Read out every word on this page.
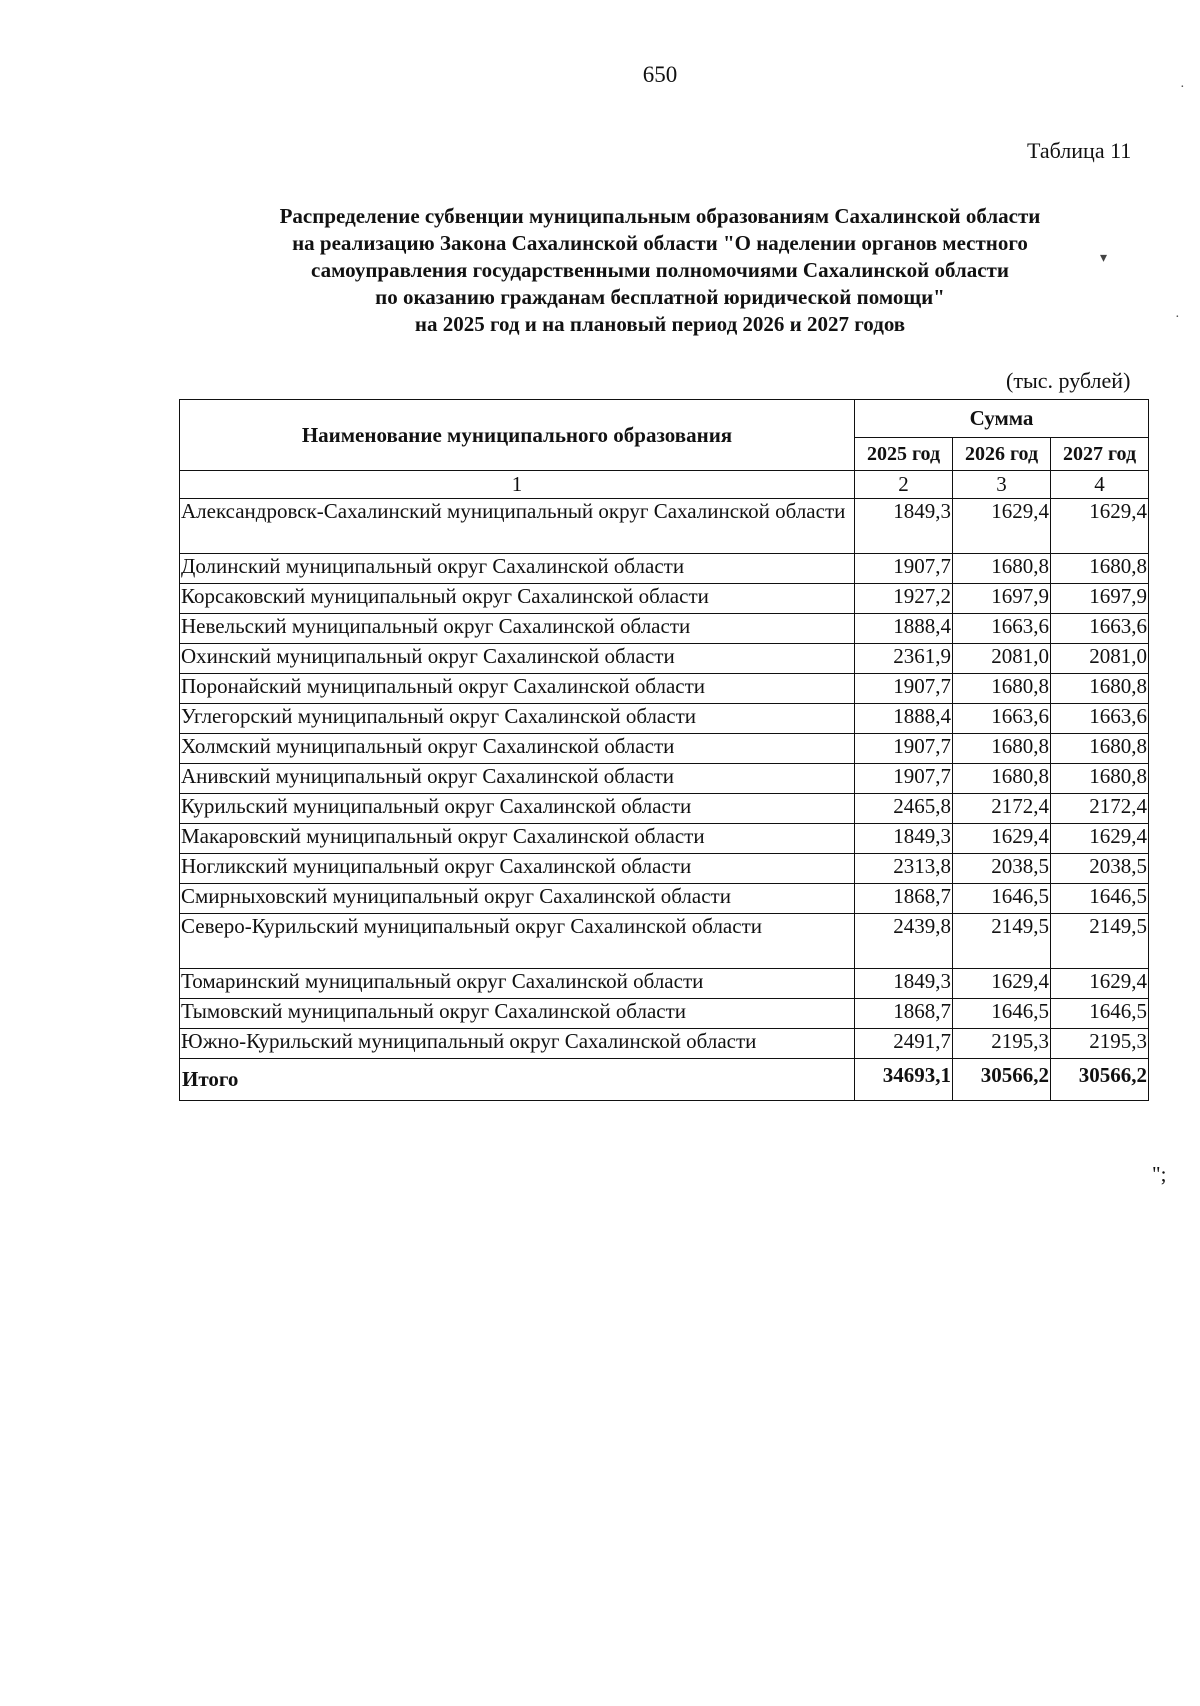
650
Таблица 11
Распределение субвенции муниципальным образованиям Сахалинской области
на реализацию Закона Сахалинской области "О наделении органов местного
самоуправления государственными полномочиями Сахалинской области
по оказанию гражданам бесплатной юридической помощи"
на 2025 год и на плановый период 2026 и 2027 годов
(тыс. рублей)
Наименование муниципального образования	Сумма		
	2025 год	2026 год	2027 год
1	2	3	4
Александровск-Сахалинский муниципальный округ Сахалинской области	1849,3	1629,4	1629,4
Долинский муниципальный округ Сахалинской области	1907,7	1680,8	1680,8
Корсаковский муниципальный округ Сахалинской области	1927,2	1697,9	1697,9
Невельский муниципальный округ Сахалинской области	1888,4	1663,6	1663,6
Охинский муниципальный округ Сахалинской области	2361,9	2081,0	2081,0
Поронайский муниципальный округ Сахалинской области	1907,7	1680,8	1680,8
Углегорский муниципальный округ Сахалинской области	1888,4	1663,6	1663,6
Холмский муниципальный округ Сахалинской области	1907,7	1680,8	1680,8
Анивский муниципальный округ Сахалинской области	1907,7	1680,8	1680,8
Курильский муниципальный округ Сахалинской области	2465,8	2172,4	2172,4
Макаровский муниципальный округ Сахалинской области	1849,3	1629,4	1629,4
Ногликский муниципальный округ Сахалинской области	2313,8	2038,5	2038,5
Смирныховский муниципальный округ Сахалинской области	1868,7	1646,5	1646,5
Северо-Курильский муниципальный округ Сахалинской области	2439,8	2149,5	2149,5
Томаринский муниципальный округ Сахалинской области	1849,3	1629,4	1629,4
Тымовский муниципальный округ Сахалинской области	1868,7	1646,5	1646,5
Южно-Курильский муниципальный округ Сахалинской области	2491,7	2195,3	2195,3
Итого	34693,1	30566,2	30566,2
";
·
▾
·
